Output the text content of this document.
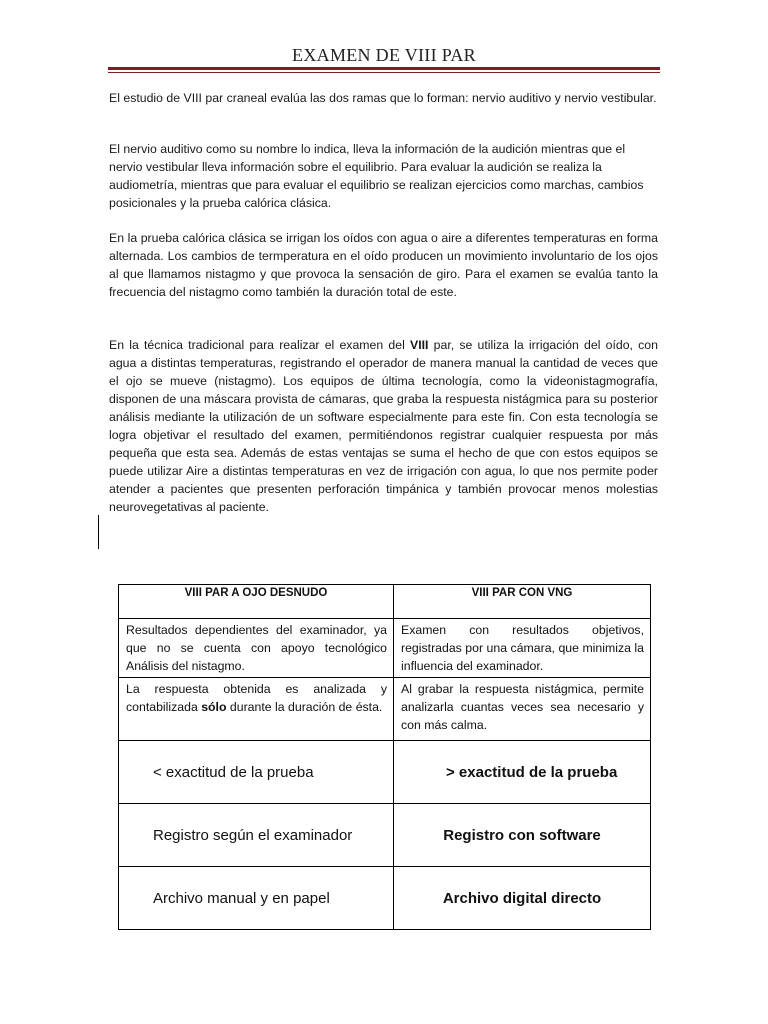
EXAMEN DE VIII PAR

El estudio de VIII par craneal evalúa las dos ramas que lo forman: nervio auditivo y nervio vestibular.

El nervio auditivo como su nombre lo indica, lleva la información de la audición mientras que el nervio vestibular lleva información sobre el equilibrio. Para evaluar la audición se realiza la audiometría, mientras que para evaluar el equilibrio se realizan ejercicios como marchas, cambios posicionales y la prueba calórica clásica.

En la prueba calórica clásica se irrigan los oídos con agua o aire a diferentes temperaturas en forma alternada. Los cambios de termperatura en el oído producen un movimiento involuntario de los ojos al que llamamos nistagmo y que provoca la sensación de giro. Para el examen se evalúa tanto la frecuencia del nistagmo como también la duración total de este.

En la técnica tradicional para realizar el examen del VIII par, se utiliza la irrigación del oído, con agua a distintas temperaturas, registrando el operador de manera manual la cantidad de veces que el ojo se mueve (nistagmo). Los equipos de última tecnología, como la videonistagmografía, disponen de una máscara provista de cámaras, que graba la respuesta nistágmica para su posterior análisis mediante la utilización de un software especialmente para este fin. Con esta tecnología se logra objetivar el resultado del examen, permitiéndonos registrar cualquier respuesta por más pequeña que esta sea. Además de estas ventajas se suma el hecho de que con estos equipos se puede utilizar Aire a distintas temperaturas en vez de irrigación con agua, lo que nos permite poder atender a pacientes que presenten perforación timpánica y también provocar menos molestias neurovegetativas al paciente.

VIII PAR A OJO DESNUDO	VIII PAR CON VNG
Resultados dependientes del examinador, ya que no se cuenta con apoyo tecnológico Análisis del nistagmo.	Examen con resultados objetivos, registradas por una cámara, que minimiza la influencia del examinador.
La respuesta obtenida es analizada y contabilizada sólo durante la duración de ésta.	Al grabar la respuesta nistágmica, permite analizarla cuantas veces sea necesario y con más calma.
< exactitud de la prueba	> exactitud de la prueba
Registro según el examinador	Registro con software
Archivo manual y en papel	Archivo digital directo
